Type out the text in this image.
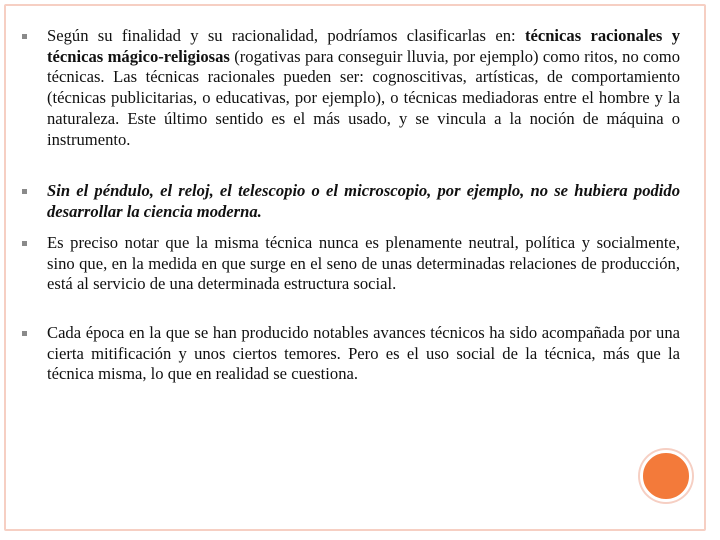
Según su finalidad y su racionalidad, podríamos clasificarlas en: técnicas racionales y técnicas mágico-religiosas (rogativas para conseguir lluvia, por ejemplo) como ritos, no como técnicas. Las técnicas racionales pueden ser: cognoscitivas, artísticas, de comportamiento (técnicas publicitarias, o educativas, por ejemplo), o técnicas mediadoras entre el hombre y la naturaleza. Este último sentido es el más usado, y se vincula a la noción de máquina o instrumento.
Sin el péndulo, el reloj, el telescopio o el microscopio, por ejemplo, no se hubiera podido desarrollar la ciencia moderna.
Es preciso notar que la misma técnica nunca es plenamente neutral, política y socialmente, sino que, en la medida en que surge en el seno de unas determinadas relaciones de producción, está al servicio de una determinada estructura social.
Cada época en la que se han producido notables avances técnicos ha sido acompañada por una cierta mitificación y unos ciertos temores. Pero es el uso social de la técnica, más que la técnica misma, lo que en realidad se cuestiona.
